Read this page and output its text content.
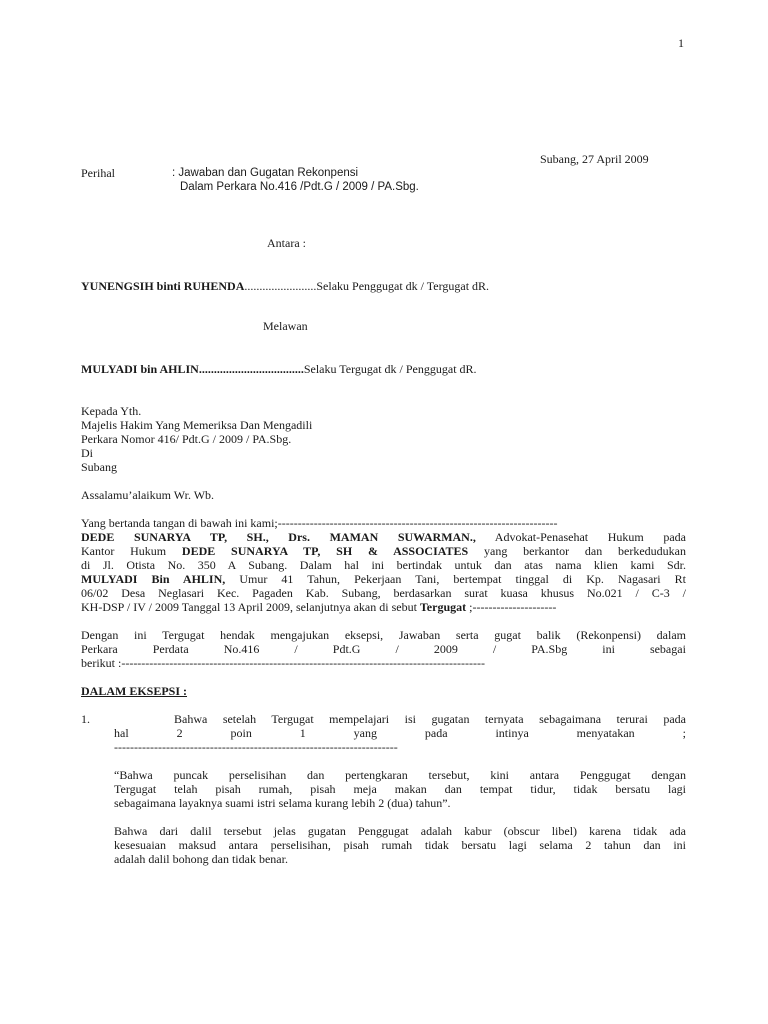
1
Subang, 27 April 2009
Perihal	: Jawaban dan Gugatan Rekonpensi
Dalam Perkara No.416 /Pdt.G / 2009 / PA.Sbg.
Antara :
YUNENGSIH binti RUHENDA........................Selaku Penggugat dk / Tergugat dR.
Melawan
MULYADI bin AHLIN...................................Selaku Tergugat dk / Penggugat dR.
Kepada Yth.
Majelis Hakim Yang Memeriksa Dan Mengadili
Perkara Nomor 416/ Pdt.G / 2009 / PA.Sbg.
Di
Subang
Assalamu’alaikum Wr. Wb.
Yang bertanda tangan di bawah ini kami;----------------------------------------------------------------------
DEDE SUNARYA TP, SH., Drs. MAMAN SUWARMAN., Advokat-Penasehat Hukum pada
Kantor Hukum DEDE SUNARYA TP, SH & ASSOCIATES yang berkantor dan berkedudukan
di Jl. Otista No. 350 A Subang. Dalam hal ini bertindak untuk dan atas nama klien kami Sdr.
MULYADI Bin AHLIN, Umur 41 Tahun, Pekerjaan Tani, bertempat tinggal di Kp. Nagasari Rt
06/02 Desa Neglasari Kec. Pagaden Kab. Subang, berdasarkan surat kuasa khusus No.021 / C-3 /
KH-DSP / IV / 2009 Tanggal 13 April 2009, selanjutnya akan di sebut Tergugat ;---------------------
Dengan ini Tergugat hendak mengajukan eksepsi, Jawaban serta gugat balik (Rekonpensi) dalam
Perkara	Perdata	No.416	/	Pdt.G	/	2009	/	PA.Sbg	ini	sebagai
berikut :-------------------------------------------------------------------------------------------
DALAM EKSEPSI :
1.	Bahwa setelah Tergugat mempelajari isi gugatan ternyata sebagaimana terurai pada
hal	2	poin	1	yang	pada	intinya	menyatakan	;
-----------------------------------------------------------------------
“Bahwa puncak perselisihan dan pertengkaran tersebut, kini antara Penggugat dengan
Tergugat telah pisah rumah, pisah meja makan dan tempat tidur, tidak bersatu lagi
sebagaimana layaknya suami istri selama kurang lebih 2 (dua) tahun”.
Bahwa dari dalil tersebut jelas gugatan Penggugat adalah kabur (obscur libel) karena tidak ada
kesesuaian maksud antara perselisihan, pisah rumah tidak bersatu lagi selama 2 tahun dan ini
adalah dalil bohong dan tidak benar.
